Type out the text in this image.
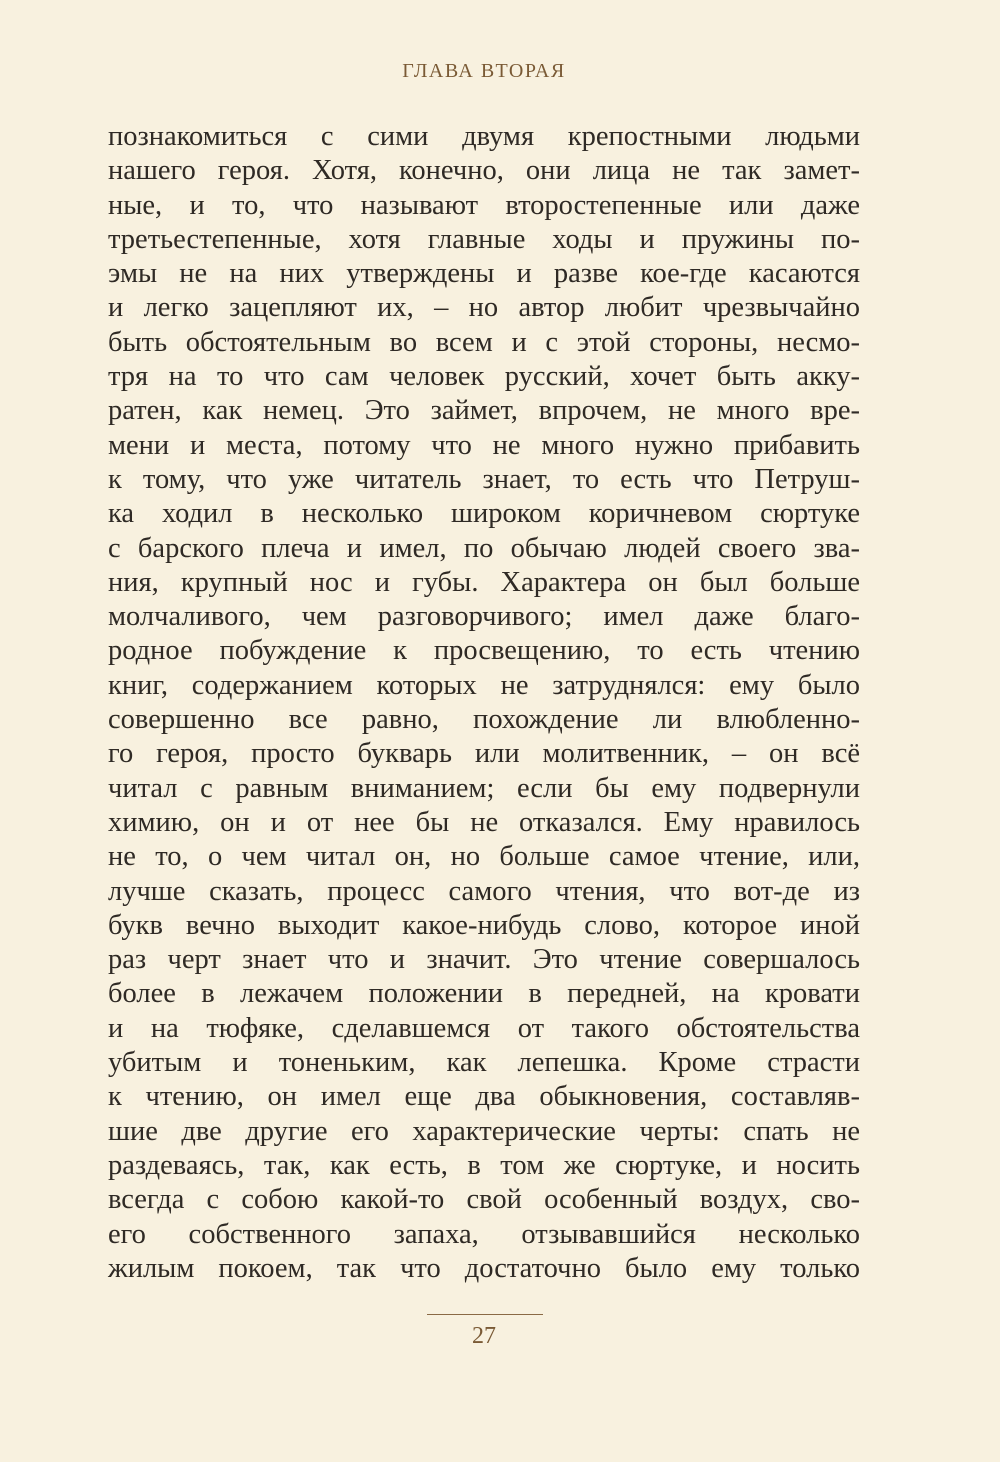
ГЛАВА ВТОРАЯ
познакомиться с сими двумя крепостными людьми
нашего героя. Хотя, конечно, они лица не так замет-
ные, и то, что называют второстепенные или даже
третьестепенные, хотя главные ходы и пружины по-
эмы не на них утверждены и разве кое-где касаются
и легко зацепляют их, – но автор любит чрезвычайно
быть обстоятельным во всем и с этой стороны, несмо-
тря на то что сам человек русский, хочет быть акку-
ратен, как немец. Это займет, впрочем, не много вре-
мени и места, потому что не много нужно прибавить
к тому, что уже читатель знает, то есть что Петруш-
ка ходил в несколько широком коричневом сюртуке
с барского плеча и имел, по обычаю людей своего зва-
ния, крупный нос и губы. Характера он был больше
молчаливого, чем разговорчивого; имел даже благо-
родное побуждение к просвещению, то есть чтению
книг, содержанием которых не затруднялся: ему было
совершенно все равно, похождение ли влюбленно-
го героя, просто букварь или молитвенник, – он всё
читал с равным вниманием; если бы ему подвернули
химию, он и от нее бы не отказался. Ему нравилось
не то, о чем читал он, но больше самое чтение, или,
лучше сказать, процесс самого чтения, что вот-де из
букв вечно выходит какое-нибудь слово, которое иной
раз черт знает что и значит. Это чтение совершалось
более в лежачем положении в передней, на кровати
и на тюфяке, сделавшемся от такого обстоятельства
убитым и тоненьким, как лепешка. Кроме страсти
к чтению, он имел еще два обыкновения, составляв-
шие две другие его характерические черты: спать не
раздеваясь, так, как есть, в том же сюртуке, и носить
всегда с собою какой-то свой особенный воздух, сво-
его собственного запаха, отзывавшийся несколько
жилым покоем, так что достаточно было ему только
27
